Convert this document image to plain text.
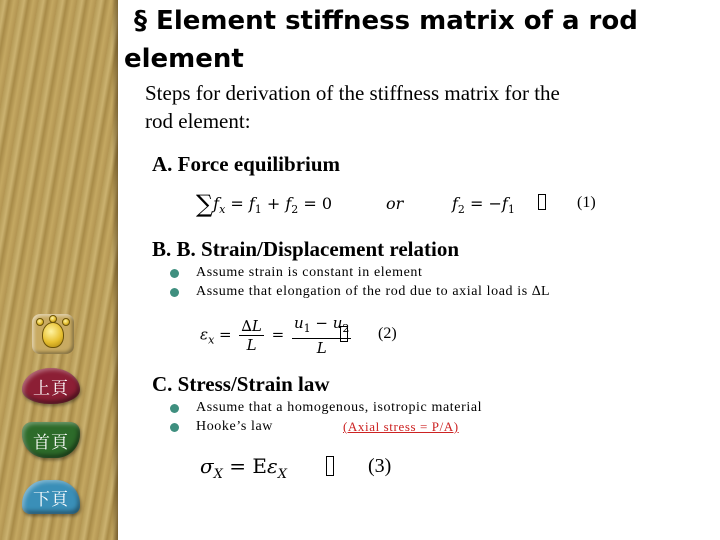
上頁
首頁
下頁
§ Element stiffness matrix of a rod
element
Steps for derivation of the stiffness matrix for the
rod element:
A. Force equilibrium
$\sum f_x = f_1 + f_2 = 0$	or	$f_2 = -f_1$	(1)
B. B. Strain/Displacement relation
Assume strain is constant in element
Assume that elongation of the rod due to axial load is ∆L
$\varepsilon_x = \frac{\Delta L}{L} = \frac{u_1 - u_2}{L} (2)$
C. Stress/Strain law
Assume that a homogenous, isotropic material
Hooke’s law	(Axial stress = P/A)
$\sigma_X = E\varepsilon_X$	(3)
